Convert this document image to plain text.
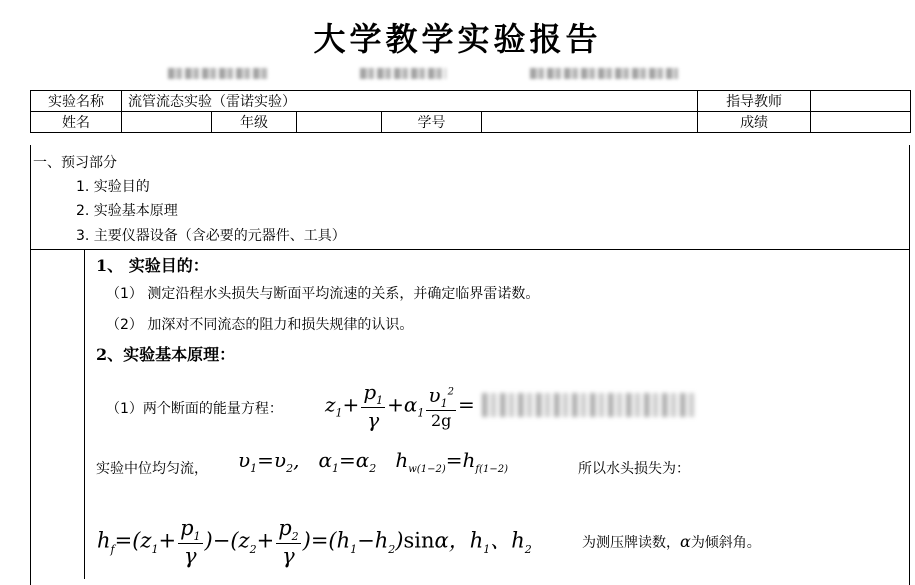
大学教学实验报告
实验名称	流管流态实验（雷诺实验）					指导教师	
姓名		年级		学号		成绩	
一、预习部分
1. 实验目的
2. 实验基本原理
3. 主要仪器设备（含必要的元器件、工具）
1、 实验目的：
（1） 测定沿程水头损失与断面平均流速的关系，并确定临界雷诺数。
（2） 加深对不同流态的阻力和损失规律的认识。
2、实验基本原理：
（1）两个断面的能量方程： $z_1+ \frac{p_1}{\gamma} +\alpha_1 \frac{\upsilon_1^2}{2g}$ =
实验中位均匀流， $\upsilon_1=\upsilon_2$,   $\alpha_1=\alpha_2$   $h_{w(1-2)}=h_{f(1-2)}$	所以水头损失为：
$h_f=(z_1+ \frac{p_1}{\gamma} )-(z_2+ \frac{p_2}{\gamma} )=(h_1-h_2)\sin\alpha$，$h_1$、$h_2$	为测压牌读数，α为倾斜角。
